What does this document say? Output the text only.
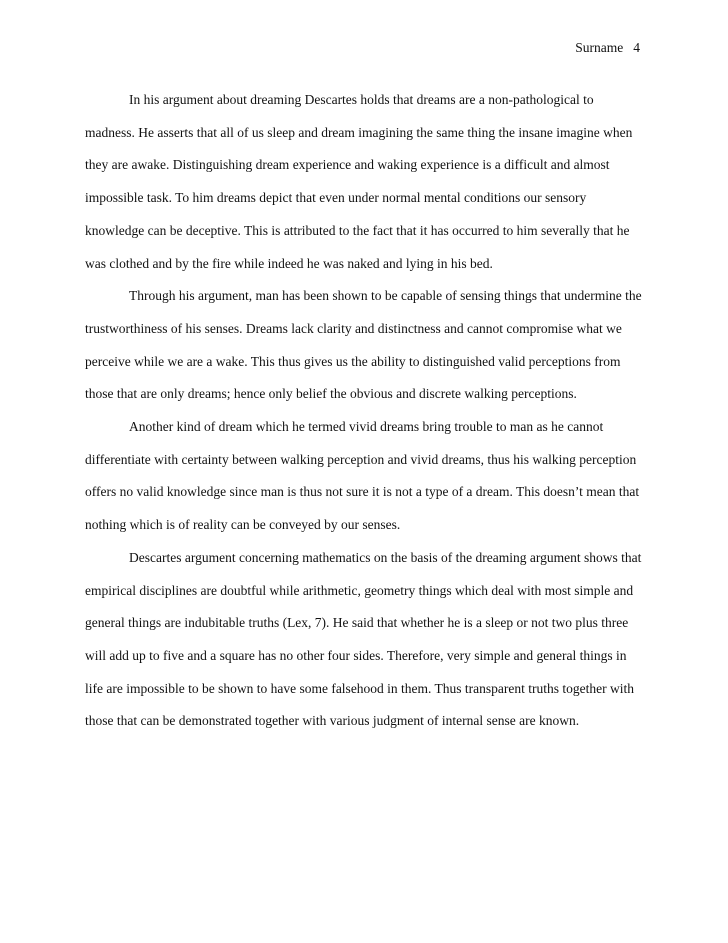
Surname 4

In his argument about dreaming Descartes holds that dreams are a non-pathological to madness. He asserts that all of us sleep and dream imagining the same thing the insane imagine when they are awake. Distinguishing dream experience and waking experience is a difficult and almost impossible task. To him dreams depict that even under normal mental conditions our sensory knowledge can be deceptive. This is attributed to the fact that it has occurred to him severally that he was clothed and by the fire while indeed he was naked and lying in his bed.

Through his argument, man has been shown to be capable of sensing things that undermine the trustworthiness of his senses. Dreams lack clarity and distinctness and cannot compromise what we perceive while we are a wake. This thus gives us the ability to distinguished valid perceptions from those that are only dreams; hence only belief the obvious and discrete walking perceptions.

Another kind of dream which he termed vivid dreams bring trouble to man as he cannot differentiate with certainty between walking perception and vivid dreams, thus his walking perception offers no valid knowledge since man is thus not sure it is not a type of a dream. This doesn’t mean that nothing which is of reality can be conveyed by our senses.

Descartes argument concerning mathematics on the basis of the dreaming argument shows that empirical disciplines are doubtful while arithmetic, geometry things which deal with most simple and general things are indubitable truths (Lex, 7). He said that whether he is a sleep or not two plus three will add up to five and a square has no other four sides. Therefore, very simple and general things in life are impossible to be shown to have some falsehood in them. Thus transparent truths together with those that can be demonstrated together with various judgment of internal sense are known.
